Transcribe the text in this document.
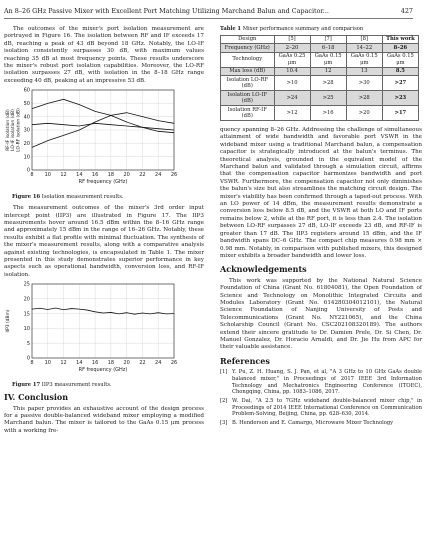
An 8–26 GHz Passive Mixer with Excellent Port Matching Utilizing Marchand Balun and Capacitor...	427

The outcomes of the mixer's port isolation measurement are portrayed in Figure 16. The isolation between RF and IF exceeds 17 dB, reaching a peak of 43 dB beyond 18 GHz. Notably, the LO-IF isolation consistently surpasses 30 dB, with maximum values reaching 35 dB at most frequency points. These results underscore the mixer's robust port isolation capabilities. Moreover, the LO-RF isolation surpasses 27 dB, with isolation in the 8–18 GHz range exceeding 40 dB, peaking at an impressive 53 dB.

8 10 12 14 16 18 20 22 24 26
0
10
20
30
40
50
60
RF frequency (GHz)
RF-IF isolation (dB) LO-IF isolation (dB) LO-RF isolation (dB)
Figure 16 Isolation measurement results.

The measurement outcomes of the mixer's 3rd order input intercept point (IIP3) are illustrated in Figure 17. The IIP3 measurements hover around 16.5 dBm within the 8–16 GHz range and approximately 15 dBm in the range of 16–26 GHz. Notably, these results exhibit a flat profile with minimal fluctuation. The synthesis of the mixer's measurement results, along with a comparative analysis against existing technologies, is encapsulated in Table 1. The mixer presented in this study demonstrates superior performance in key aspects such as operational bandwidth, conversion loss, and RF-IF isolation.

8 10 12 14 16 18 20 22 24 26
0
5
10
15
20
25
RF frequency (GHz)
IIP3 (dBm)
Figure 17 IIP3 measurement results.
IV. Conclusion

This paper provides an exhaustive account of the design process for a passive double-balanced wideband mixer employing a modified Marchand balun. The mixer is tailored to the GaAs 0.15 μm process with a working fre-

Table 1 Mixer performance summary and comparison
Design	[5]	[7]	[8]	This work
Frequency (GHz)	2–20	6–18	14–22	8–26
Technology	GaAs 0.25 μm	GaAs 0.15 μm	GaAs 0.15 μm	GaAs 0.15 μm
Max loss (dB)	10.4	12	13	8.5
Isolation LO-RF (dB)	>10	>28	>30	>27
Isolation LO-IF (dB)	>24	>25	>28	>23
Isolation RF-IF (dB)	>12	>16	>20	>17

quency spanning 8–26 GHz. Addressing the challenge of simultaneous attainment of wide bandwidth and favorable port VSWR in the wideband mixer using a traditional Marchand balun, a compensation capacitor is strategically introduced at the balun's terminus. The theoretical analysis, grounded in the equivalent model of the Marchand balun and validated through a simulation circuit, affirms that the compensation capacitor harmonizes bandwidth and port VSWR. Furthermore, the compensation capacitor not only diminishes the balun's size but also streamlines the matching circuit design. The mixer's viability has been confirmed through a taped-out process. With an LO power of 14 dBm, the measurement results demonstrate a conversion loss below 8.5 dB, and the VSWR at both LO and IF ports remains below 2, while at the RF port, it is less than 2.4. The isolation between LO-RF surpasses 27 dB, LO-IF exceeds 23 dB, and RF-IF is greater than 17 dB. The IIP3 registers around 15 dBm, and the IF bandwidth spans DC–6 GHz. The compact chip measures 0.98 mm × 0.98 mm. Notably, in comparison with published mixers, this designed mixer exhibits a broader bandwidth and lower loss.

Acknowledgements

This work was supported by the National Natural Science Foundation of China (Grant No. 61804081), the Open Foundation of Science and Technology on Monolithic Integrated Circuits and Modules Laboratory (Grant No. 614280304012101), the Natural Science Foundation of Nanjing University of Posts and Telecommunications (Grant No. NY221065), and the China Scholarship Council (Grant No. CSC202108320189). The authors extend their sincere gratitude to Dr. Damien Prele, Dr. Si Chen, Dr. Manuel Gonzalez, Dr. Horacio Arnaldi, and Dr. Jie Hu from APC for their valuable assistance.

References
[1] Y. Pu, Z. H. Huang, S. J. Pan, et al, "A 3 GHz to 10 GHz GaAs double balanced mixer," in Proceedings of 2017 IEEE 3rd Information Technology and Mechatronics Engineering Conference (ITOEC), Chongqing, China, pp. 1083–1086, 2017.
[2] W. Dai, "A 2.5 to 7GHz wideband double-balanced mixer chip," in Proceedings of 2014 IEEE International Conference on Communication Problem-Solving, Beijing, China, pp. 628–630, 2014.
[3] B. Henderson and E. Camargo, Microwave Mixer Technology
